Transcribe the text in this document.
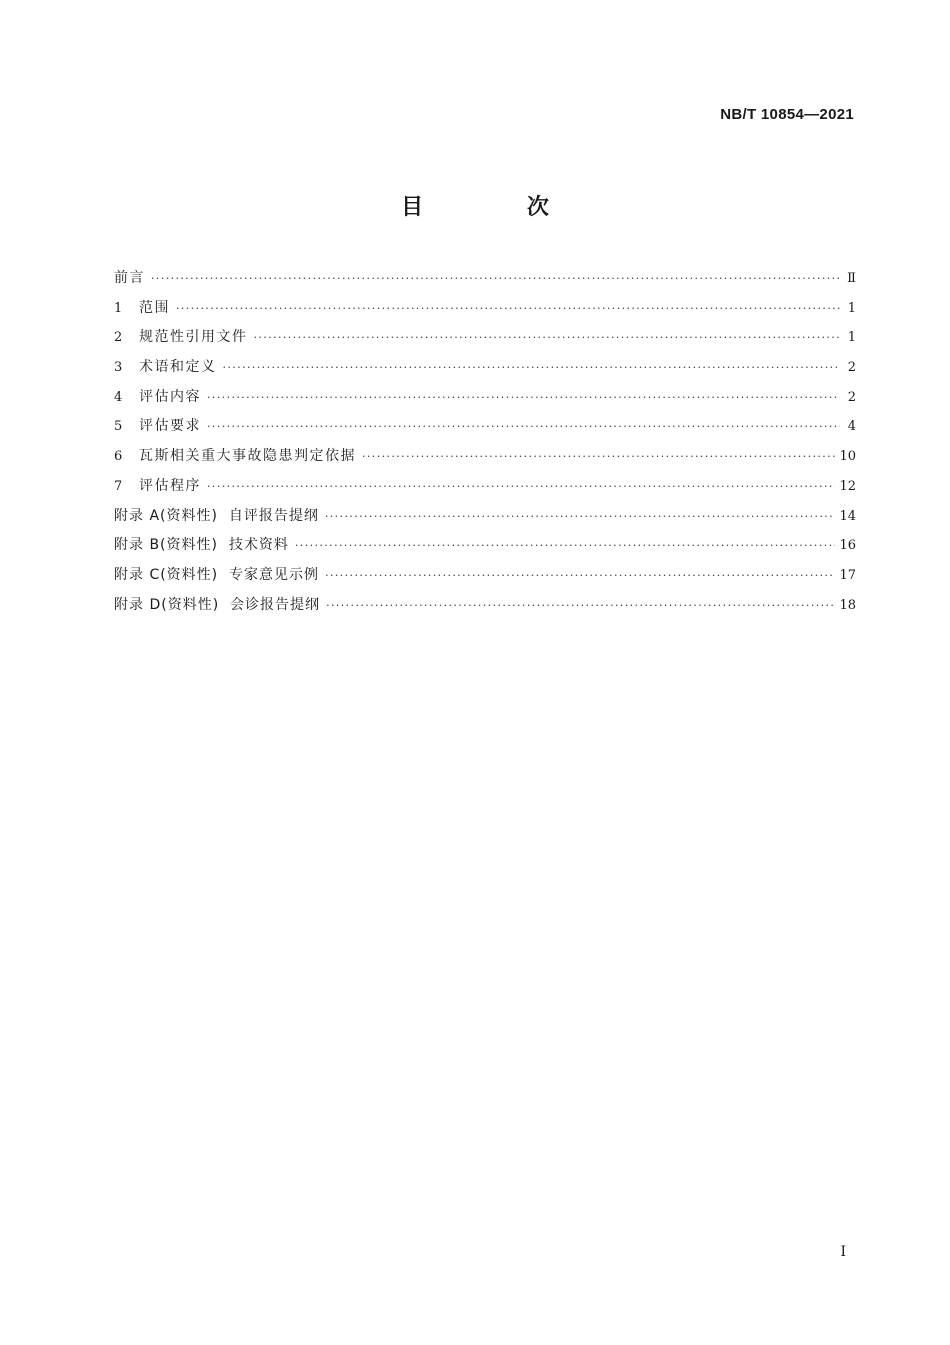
NB/T 10854—2021
目 次
前言 ·····	Ⅱ
1	范围 ·····	1
2	规范性引用文件 ·····	1
3	术语和定义 ·····	2
4	评估内容 ·····	2
5	评估要求 ·····	4
6	瓦斯相关重大事故隐患判定依据 ·····	10
7	评估程序 ·····	12
附录 A(资料性)  自评报告提纲 ·····	14
附录 B(资料性)  技术资料 ·····	16
附录 C(资料性)  专家意见示例 ·····	17
附录 D(资料性)  会诊报告提纲 ·····	18
Ⅰ
